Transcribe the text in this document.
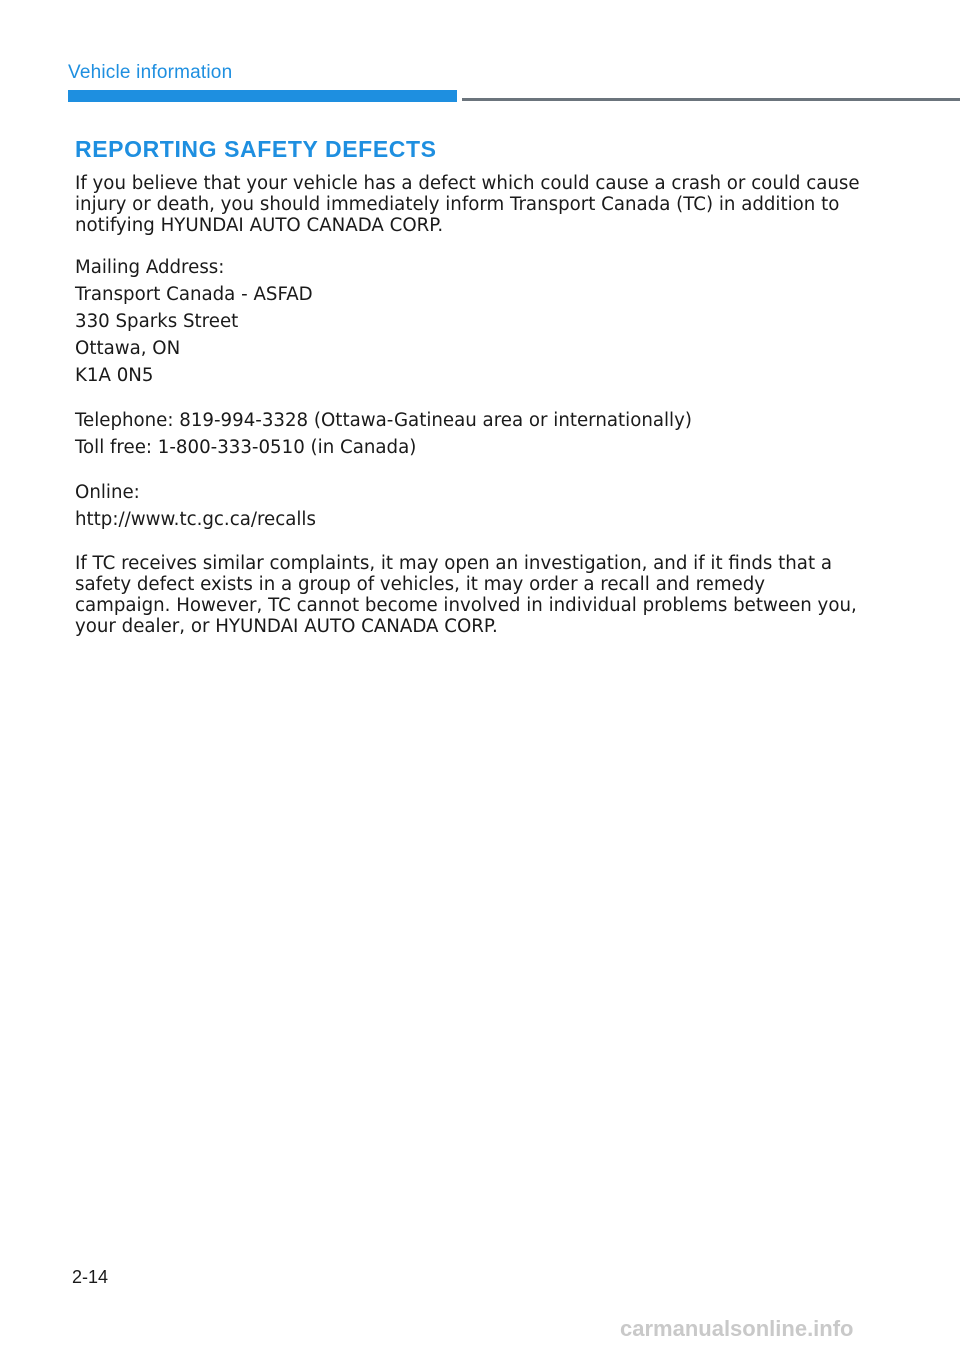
Vehicle information
REPORTING SAFETY DEFECTS

If you believe that your vehicle has a defect which could cause a crash or could cause injury or death, you should immediately inform Transport Canada (TC) in addition to notifying HYUNDAI AUTO CANADA CORP.

Mailing Address:

Transport Canada - ASFAD

330 Sparks Street

Ottawa, ON

K1A 0N5

Telephone: 819-994-3328 (Ottawa-Gatineau area or internationally)

Toll free: 1-800-333-0510 (in Canada)

Online:

http://www.tc.gc.ca/recalls

If TC receives similar complaints, it may open an investigation, and if it finds that a safety defect exists in a group of vehicles, it may order a recall and remedy campaign. However, TC cannot become involved in individual problems between you, your dealer, or HYUNDAI AUTO CANADA CORP.

2-14
carmanualsonline.info
